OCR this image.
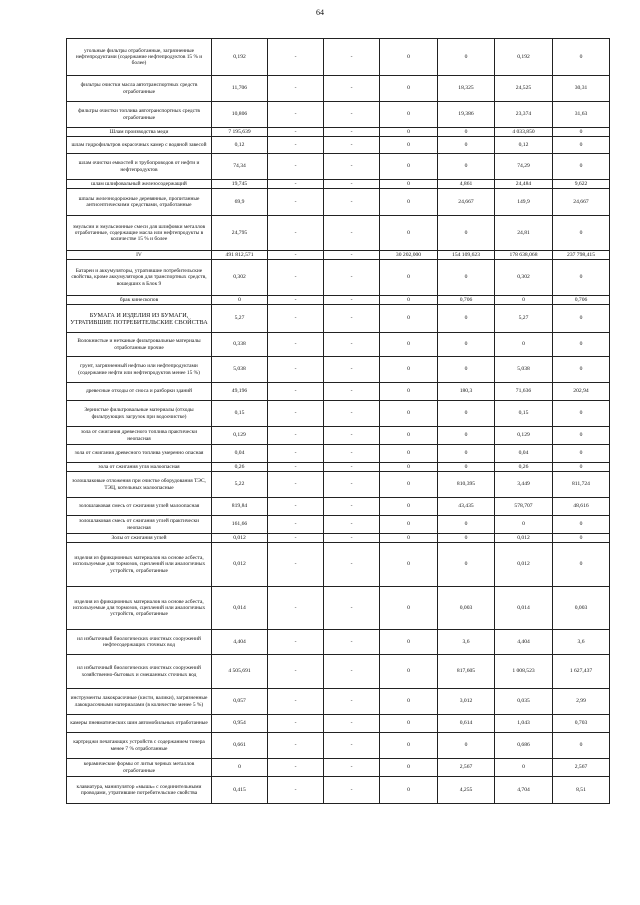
64
угольные фильтры отработанные, загрязненные нефтепродуктами (содержание нефтепродуктов 15 % и более)	0,192	-	-	0	0	0,192	0
фильтры очистки масла автотранспортных средств отработанные	11,706	-	-	0	18,325	24,525	30,31
фильтры очистки топлива автотранспортных средств отработанные	10,806	-	-	0	19,386	23,374	31,63
Шлам производства меди	7 195,639	-	-	0	0	4 033,850	0
шлам гидрофильтров окрасочных камер с водяной завесой	0,12	-	-	0	0	0,12	0
шлам очистки емкостей и трубопроводов от нефти и нефтепродуктов	74,34	-	-	0	0	74,29	0
шлам шлифовальный железосодержащий	19,745	-	-	0	4,861	24,484	9,622
шпалы железнодорожные деревянные, пропитанные антисептическими средствами, отработанные	69,9	-	-	0	24,667	149,9	24,667
эмульсии и эмульсионные смеси для шлифовки металлов отработанные, содержащие масла или нефтепродукты в количестве 15 % и более	24,795	-	-	0	0	24,81	0
IV	491 812,571	-	-	30 202,000	154 109,623	178 638,068	237 798,415
Батареи и аккумуляторы, утратившие потребительские свойства, кроме аккумуляторов для транспортных средств, вошедших в Блок 9	0,302	-	-	0	0	0,302	0
брак кинескопов	0	-	-	0	0,706	0	0,706
БУМАГА И ИЗДЕЛИЯ ИЗ БУМАГИ, УТРАТИВШИЕ ПОТРЕБИТЕЛЬСКИЕ СВОЙСТВА	5,27	-	-	0	0	5,27	0
Волокнистые и нетканые фильтровальные материалы отработанные прочие	0,338	-	-	0	0	0	0
грунт, загрязненный нефтью или нефтепродуктами (содержание нефти или нефтепродуктов менее 15 %)	5,038	-	-	0	0	5,038	0
древесные отходы от сноса и разборки зданий	49,196	-	-	0	180,3	71,636	202,94
Зернистые фильтровальные материалы (отходы фильтрующих загрузок при водоочистке)	0,15	-	-	0	0	0,15	0
зола от сжигания древесного топлива практически неопасная	0,129	-	-	0	0	0,129	0
зола от сжигания древесного топлива умеренно опасная	0,04	-	-	0	0	0,04	0
зола от сжигания угля малоопасная	0,26	-	-	0	0	0,26	0
золошлаковые отложения при очистке оборудования ТЭС, ТЭЦ, котельных малоопасные	5,22	-	-	0	810,395	3,449	811,724
золошлаковая смесь от сжигания углей малоопасная	819,84	-	-	0	43,435	578,707	48,616
золошлаковая смесь от сжигания углей практически неопасная	161,66	-	-	0	0	0	0
Золы от сжигания углей	0,012	-	-	0	0	0,012	0
изделия из фрикционных материалов на основе асбеста, используемые для тормозов, сцеплений или аналогичных устройств, отработанные	0,012	-	-	0	0	0,012	0
изделия из фрикционных материалов на основе асбеста, используемые для тормозов, сцеплений или аналогичных устройств, отработанные	0,014	-	-	0	0,003	0,014	0,003
ил избыточный биологических очистных сооружений нефтесодержащих сточных вод	4,404	-	-	0	3,6	4,404	3,6
ил избыточный биологических очистных сооружений хозяйственно-бытовых и смешанных сточных вод	4 505,691	-	-	0	817,605	1 008,523	1 627,437
инструменты лакокрасочные (кисти, валики), загрязненные лакокрасочными материалами (в количестве менее 5 %)	0,057	-	-	0	3,012	0,035	2,99
камеры пневматических шин автомобильных отработанные	0,954	-	-	0	0,614	1,043	0,703
картриджи печатающих устройств с содержанием тонера менее 7 % отработанные	0,661	-	-	0	0	0,686	0
керамические формы от литья черных металлов отработанные	0	-	-	0	2,567	0	2,567
клавиатура, манипулятор «мышь» с соединительными проводами, утратившие потребительские свойства	0,415	-	-	0	4,255	4,704	8,51
